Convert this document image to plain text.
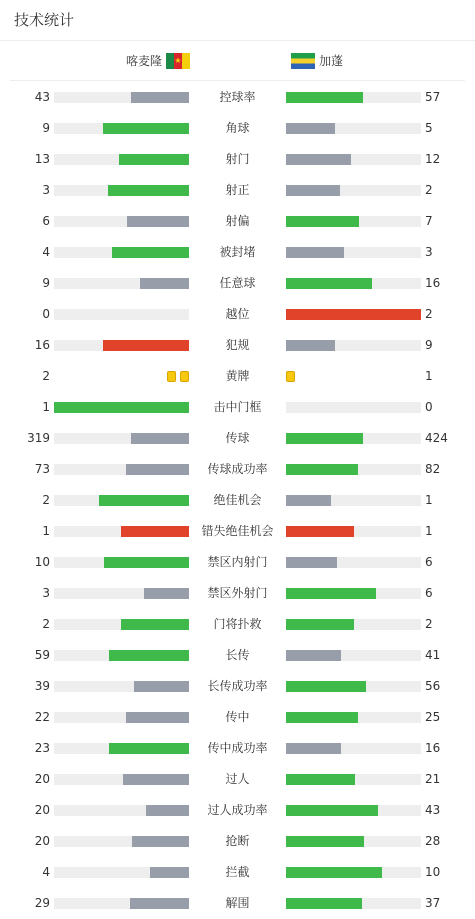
技术统计
喀麦隆	★	加蓬
43	控球率	57
9	角球	5
13	射门	12
3	射正	2
6	射偏	7
4	被封堵	3
9	任意球	16
0	越位	2
16	犯规	9
2	黄牌	1
1	击中门框	0
319	传球	424
73	传球成功率	82
2	绝佳机会	1
1	错失绝佳机会	1
10	禁区内射门	6
3	禁区外射门	6
2	门将扑救	2
59	长传	41
39	长传成功率	56
22	传中	25
23	传中成功率	16
20	过人	21
20	过人成功率	43
20	抢断	28
4	拦截	10
29	解围	37
